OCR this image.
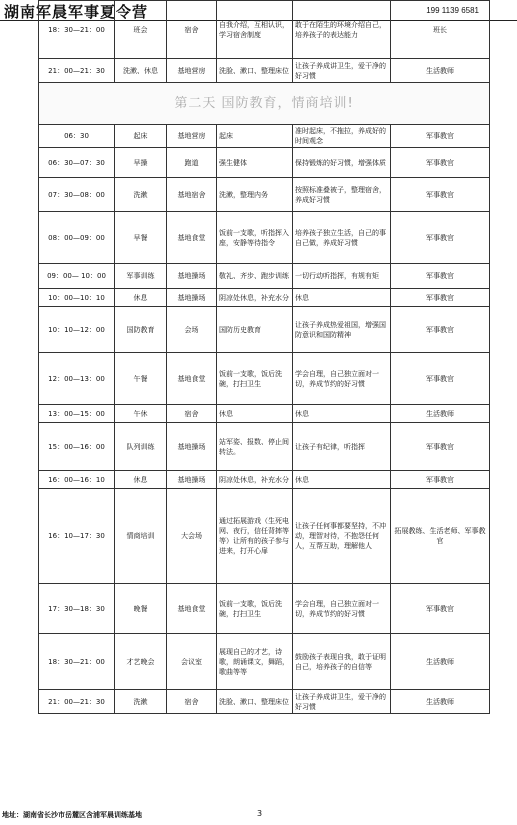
湖南军晨军事夏令营	199 1139 6581
18：30—21：00	班会	宿舍	自我介绍，互相认识，学习宿舍制度	敢于在陌生的环境介绍自己，培养孩子的表达能力	班长
21：00—21：30	洗漱、休息	基地营房	洗脸、漱口、整理床位	让孩子养成讲卫生，爱干净的好习惯	生活教师
第二天 国防教育，情商培训!					
06：30	起床	基地营房	起床	准时起床，不拖拉，养成好的时间观念	军事教官
06：30—07：30	早操	跑道	强生健体	保持锻炼的好习惯，增强体质	军事教官
07：30—08：00	洗漱	基地宿舍	洗漱，整理内务	按照标准叠被子，整理宿舍，养成好习惯	军事教官
08：00—09：00	早餐	基地食堂	饭前一支歌，听指挥入座，安静等待指令	培养孩子独立生活，自己的事自己做，养成好习惯	军事教官
09：00— 10：00	军事训练	基地操场	敬礼、齐步、跑步训练	一切行动听指挥，有规有矩	军事教官
10：00—10：10	休息	基地操场	阴凉处休息，补充水分	休息	军事教官
10：10—12：00	国防教育	会场	国防历史教育	让孩子养成热爱祖国，增强国防意识和国防精神	军事教官
12：00—13：00	午餐	基地食堂	饭前一支歌，饭后洗碗，打扫卫生	学会自理，自己独立面对一切，养成节约的好习惯	军事教官
13：00—15：00	午休	宿舍	休息	休息	生活教师
15：00—16：00	队列训练	基地操场	站军姿、报数、停止间转法。	让孩子有纪律，听指挥	军事教官
16：00—16：10	休息	基地操场	阴凉处休息，补充水分	休息	军事教官
16：10—17：30	情商培训	大会场	通过拓展游戏（生死电网、夜行，信任背摔等等）让所有的孩子参与进来，打开心扉	让孩子任何事都要坚持，不冲动，理智对待，不抱怨任何人，互帮互助，理解他人	拓展教练、生活老师、军事教官
17：30—18：30	晚餐	基地食堂	饭前一支歌，饭后洗碗，打扫卫生	学会自理，自己独立面对一切，养成节约的好习惯	军事教官
18：30—21：00	才艺晚会	会议室	展现自己的才艺，诗歌，朗诵课文，舞蹈，歌曲等等	鼓励孩子表现自我，敢于证明自己，培养孩子的自信等	生活教师
21：00—21：30	洗漱	宿舍	洗脸、漱口、整理床位	让孩子养成讲卫生，爱干净的好习惯	生活教师
地址：湖南省长沙市岳麓区含浦军晨训练基地	3
